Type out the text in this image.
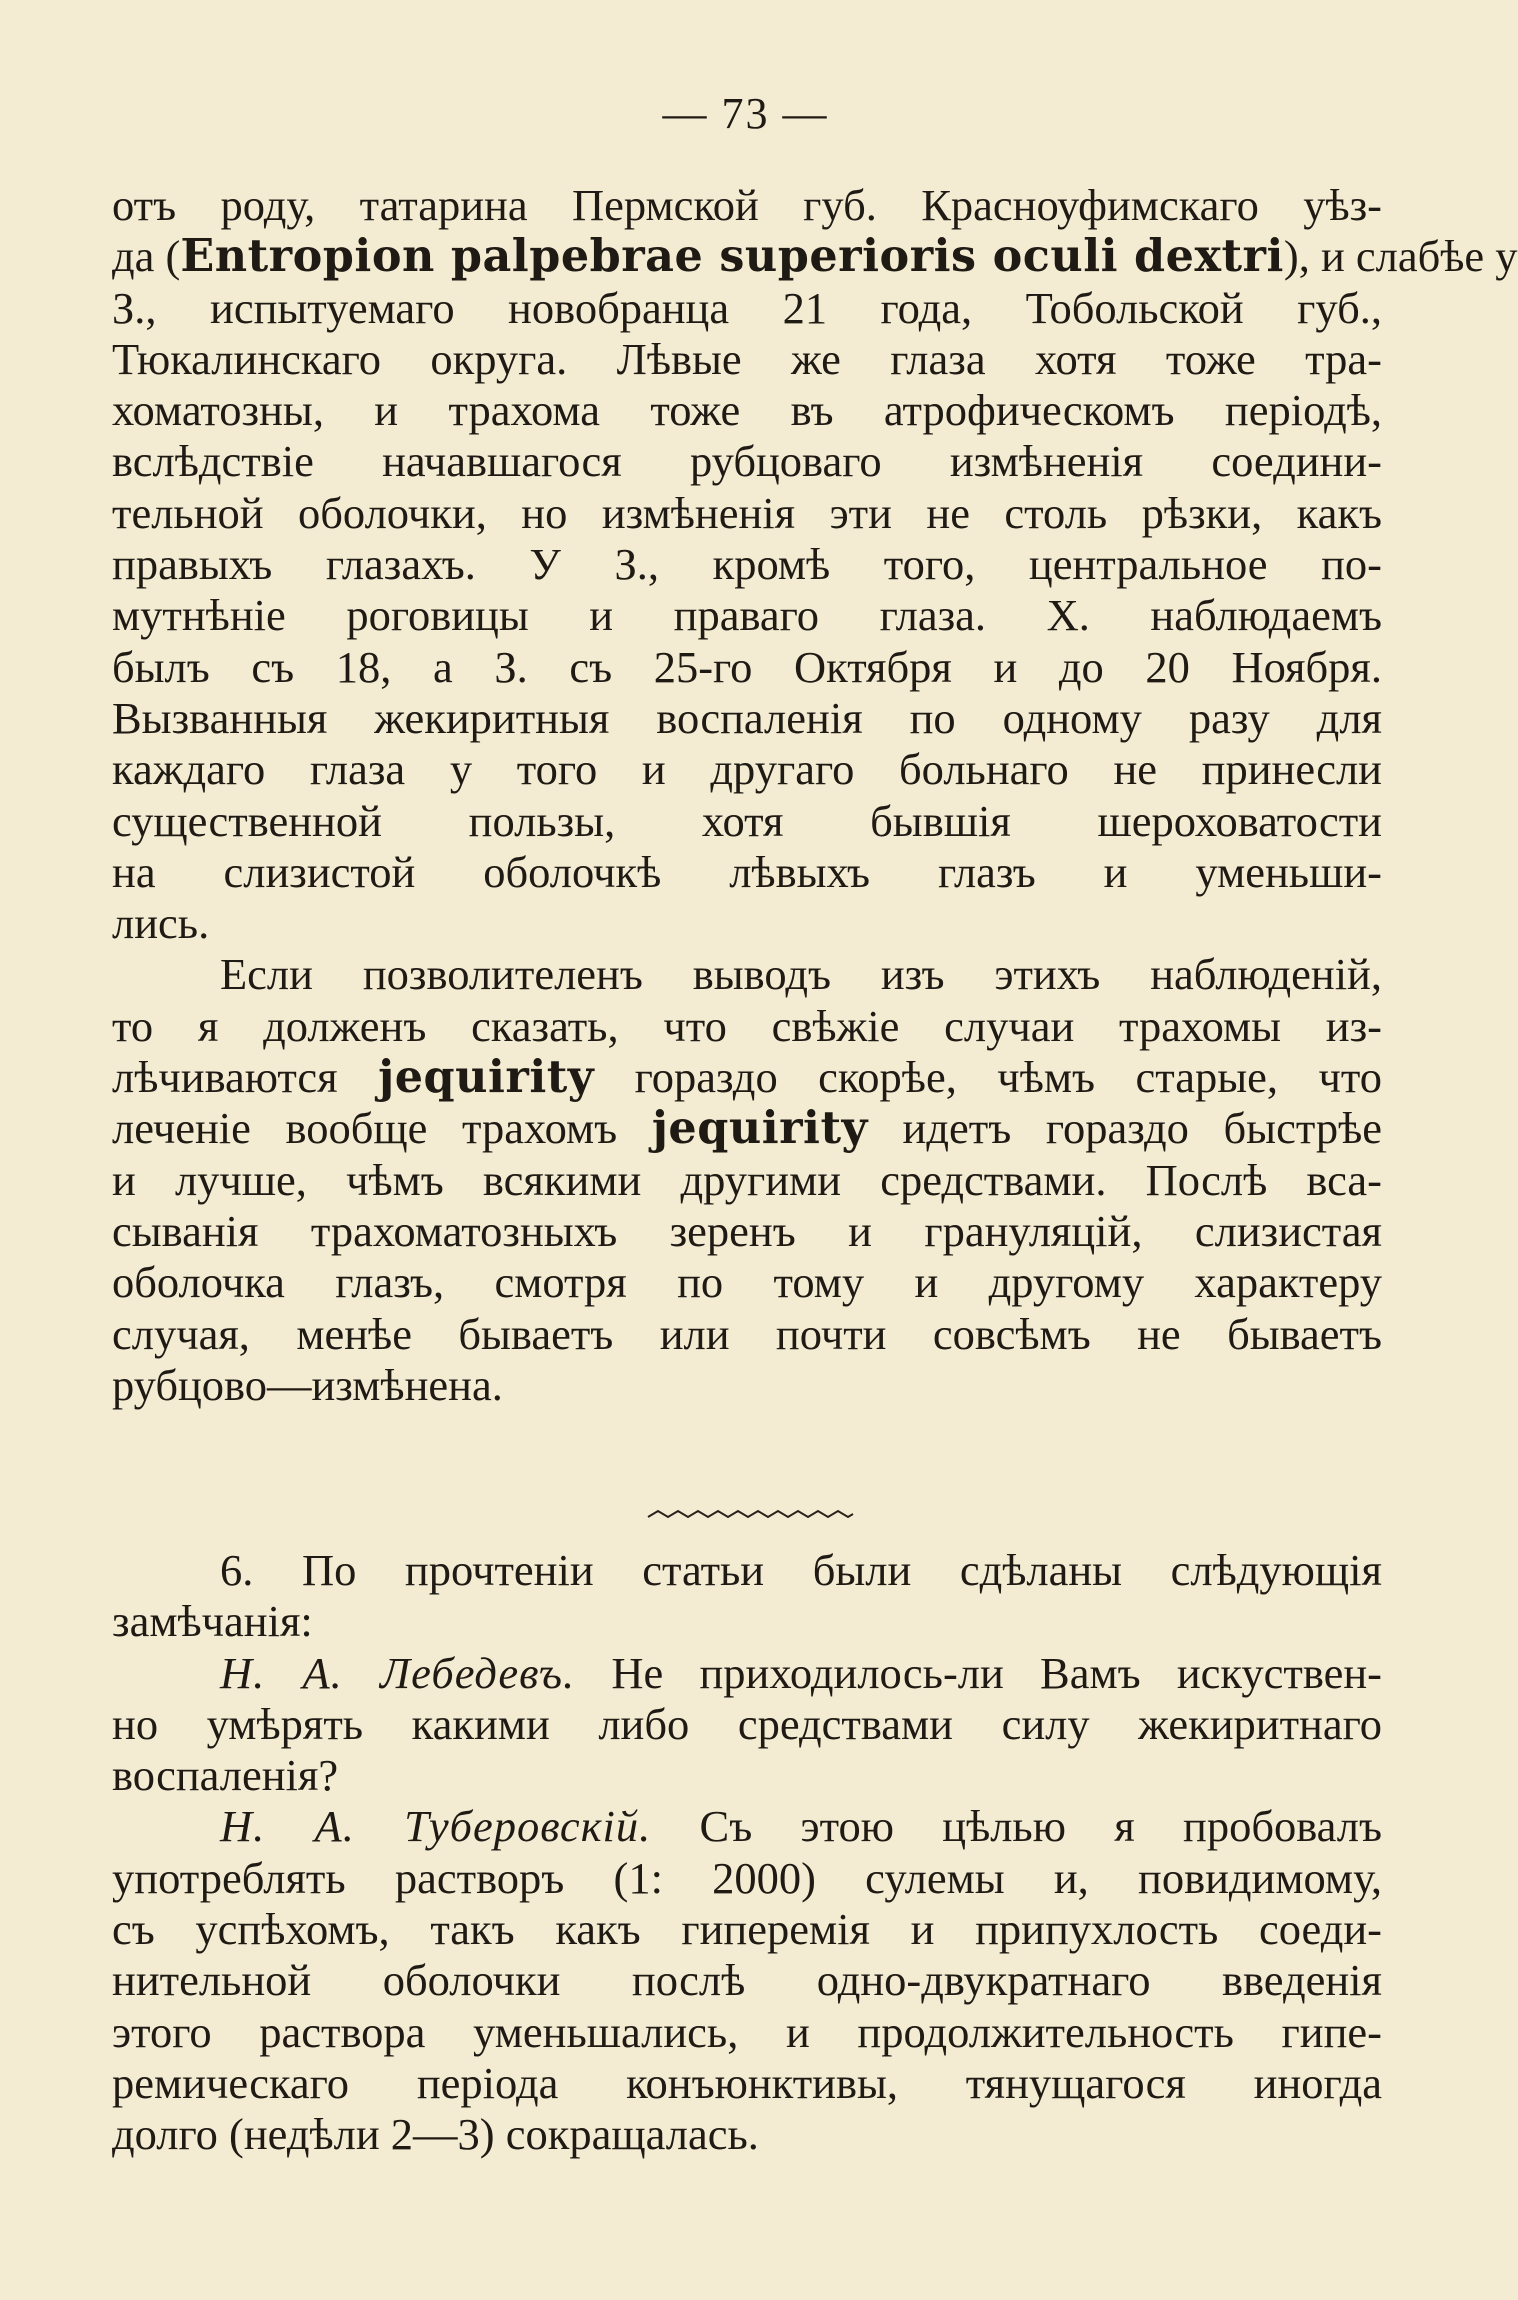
— 73 —
отъ роду, татарина Пермской губ. Красноуфимскаго уѣз-
да (Entropion palpebrae superioris oculi dextri), и слабѣе у
З., испытуемаго новобранца 21 года, Тобольской губ.,
Тюкалинскаго округа. Лѣвые же глаза хотя тоже тра-
хоматозны, и трахома тоже въ атрофическомъ періодѣ,
вслѣдствіе начавшагося рубцоваго измѣненія соедини-
тельной оболочки, но измѣненія эти не столь рѣзки, какъ
правыхъ глазахъ. У З., кромѣ того, центральное по-
мутнѣніе роговицы и праваго глаза. Х. наблюдаемъ
былъ съ 18, а З. съ 25-го Октября и до 20 Ноября.
Вызванныя жекиритныя воспаленія по одному разу для
каждаго глаза у того и другаго больнаго не принесли
существенной пользы, хотя бывшія шероховатости
на слизистой оболочкѣ лѣвыхъ глазъ и уменьши-
лись.
Если позволителенъ выводъ изъ этихъ наблюденій,
то я долженъ сказать, что свѣжіе случаи трахомы из-
лѣчиваются jequirity гораздо скорѣе, чѣмъ старые, что
леченіе вообще трахомъ jequirity идетъ гораздо быстрѣе
и лучше, чѣмъ всякими другими средствами. Послѣ вса-
сыванія трахоматозныхъ зеренъ и грануляцій, слизистая
оболочка глазъ, смотря по тому и другому характеру
случая, менѣе бываетъ или почти совсѣмъ не бываетъ
рубцово—измѣнена.
6. По прочтеніи статьи были сдѣланы слѣдующія
замѣчанія:
Н. А. Лебедевъ. Не приходилось-ли Вамъ искуствен-
но умѣрять какими либо средствами силу жекиритнаго
воспаленія?
Н. А. Туберовскій. Съ этою цѣлью я пробовалъ
употреблять растворъ (1: 2000) сулемы и, повидимому,
съ успѣхомъ, такъ какъ гиперемія и припухлость соеди-
нительной оболочки послѣ одно-двукратнаго введенія
этого раствора уменьшались, и продолжительность гипе-
ремическаго періода конъюнктивы, тянущагося иногда
долго (недѣли 2—3) сокращалась.
